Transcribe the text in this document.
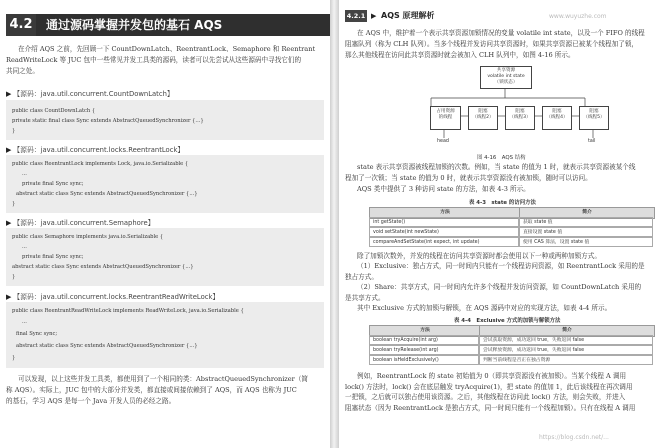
4.2 通过源码掌握并发包的基石 AQS
在介绍 AQS 之前，先回顾一下 CountDownLatch、ReentrantLock、Semaphore 和 Reentrant
ReadWriteLock 等 JUC 包中一些常见并发工具类的源码，读者可以先尝试从这些源码中寻找它们的
共同之处。
▶ 【源码：java.util.concurrent.CountDownLatch】
public class CountDownLatch {
private static final class Sync extends AbstractQueuedSynchronizer {...}
}
▶ 【源码：java.util.concurrent.locks.ReentrantLock】
public class ReentrantLock implements Lock, java.io.Serializable {
...
private final Sync sync;
abstract static class Sync extends AbstractQueuedSynchronizer {...}
}
▶ 【源码：java.util.concurrent.Semaphore】
public class Semaphore implements java.io.Serializable {
...
private final Sync sync;
abstract static class Sync extends AbstractQueuedSynchronizer {...}
}
▶ 【源码：java.util.concurrent.locks.ReentrantReadWriteLock】
public class ReentrantReadWriteLock implements ReadWriteLock, java.io.Serializable {
...
final Sync sync;
abstract static class Sync extends AbstractQueuedSynchronizer {...}
}
可以发现，以上这些并发工具类，都使用到了一个相同的类：AbstractQueuedSynchronizer（简
称 AQS）。实际上，JUC 包中的大部分并发类，都直接或间接依赖到了 AQS，而 AQS 也称为 JUC
的基石，学习 AQS 是每一个 Java 开发人员的必经之路。
4.2.1 ▶ AQS 原理解析	www.wuyuzhe.com
在 AQS 中，维护着一个表示共享资源加锁情况的变量 volatile int state，以及一个 FIFO 的线程
阻塞队列（称为 CLH 队列）。当多个线程并发访问共享资源时，如果共享资源已被某个线程加了锁，
那么其他线程在访问此共享资源时就会被加入 CLH 队列中，如图 4-16 所示。
共享资源
volatile int state
（锁状态）
占用资源
的线程
阻塞
（线程2）
阻塞
（线程3）
阻塞
（线程4）
阻塞
（线程5）
head	tail
图 4-16　AQS 结构
state 表示共享资源被线程加锁的次数。例如，当 state 的值为 1 时，就表示共享资源被某个线
程加了一次锁；当 state 的值为 0 时，就表示共享资源没有被加锁，随时可以访问。
AQS 类中提供了 3 种访问 state 的方法，如表 4-3 所示。
表 4-3　state 的访问方法
方法	简介
int getState()	获取 state 值
void setState(int newState)	直接设置 state 值
compareAndSetState(int expect, int update)	使用 CAS 算法，设置 state 值
除了加锁次数外，并发的线程在访问共享资源时都会使用以下一种或两种加锁方式。
（1）Exclusive：独占方式，同一时间内只能有一个线程访问资源，如 ReentrantLock 采用的是
独占方式。
（2）Share：共享方式，同一时间内允许多个线程并发访问资源，如 CountDownLatch 采用的
是共享方式。
其中 Exclusive 方式的加锁与解锁，在 AQS 源码中对应的实现方法，如表 4-4 所示。
表 4-4　Exclusive 方式的加锁与解锁方法
方法	简介
boolean tryAcquire(int arg)	尝试获取资源，成功返回 true，失败返回 false
boolean tryRelease(int arg)	尝试释放资源，成功返回 true，失败返回 false
boolean isHeldExclusively()	判断当前线程是否正在独占资源
例如，ReentrantLock 的 state 初始值为 0（即共享资源没有被加锁）。当某个线程 A 调用
lock() 方法时，lock() 会在底层触发 tryAcquire(1)，把 state 的值加 1，此后该线程在再次调用
一把锁，之后就可以独占使用该资源。之后，其他线程在访问此 lock() 方法，则会失败，并进入
阻塞状态（因为 ReentrantLock 是独占方式，同一时间只能有一个线程加锁）。只有在线程 A 调用
https://blog.csdn.net/...
